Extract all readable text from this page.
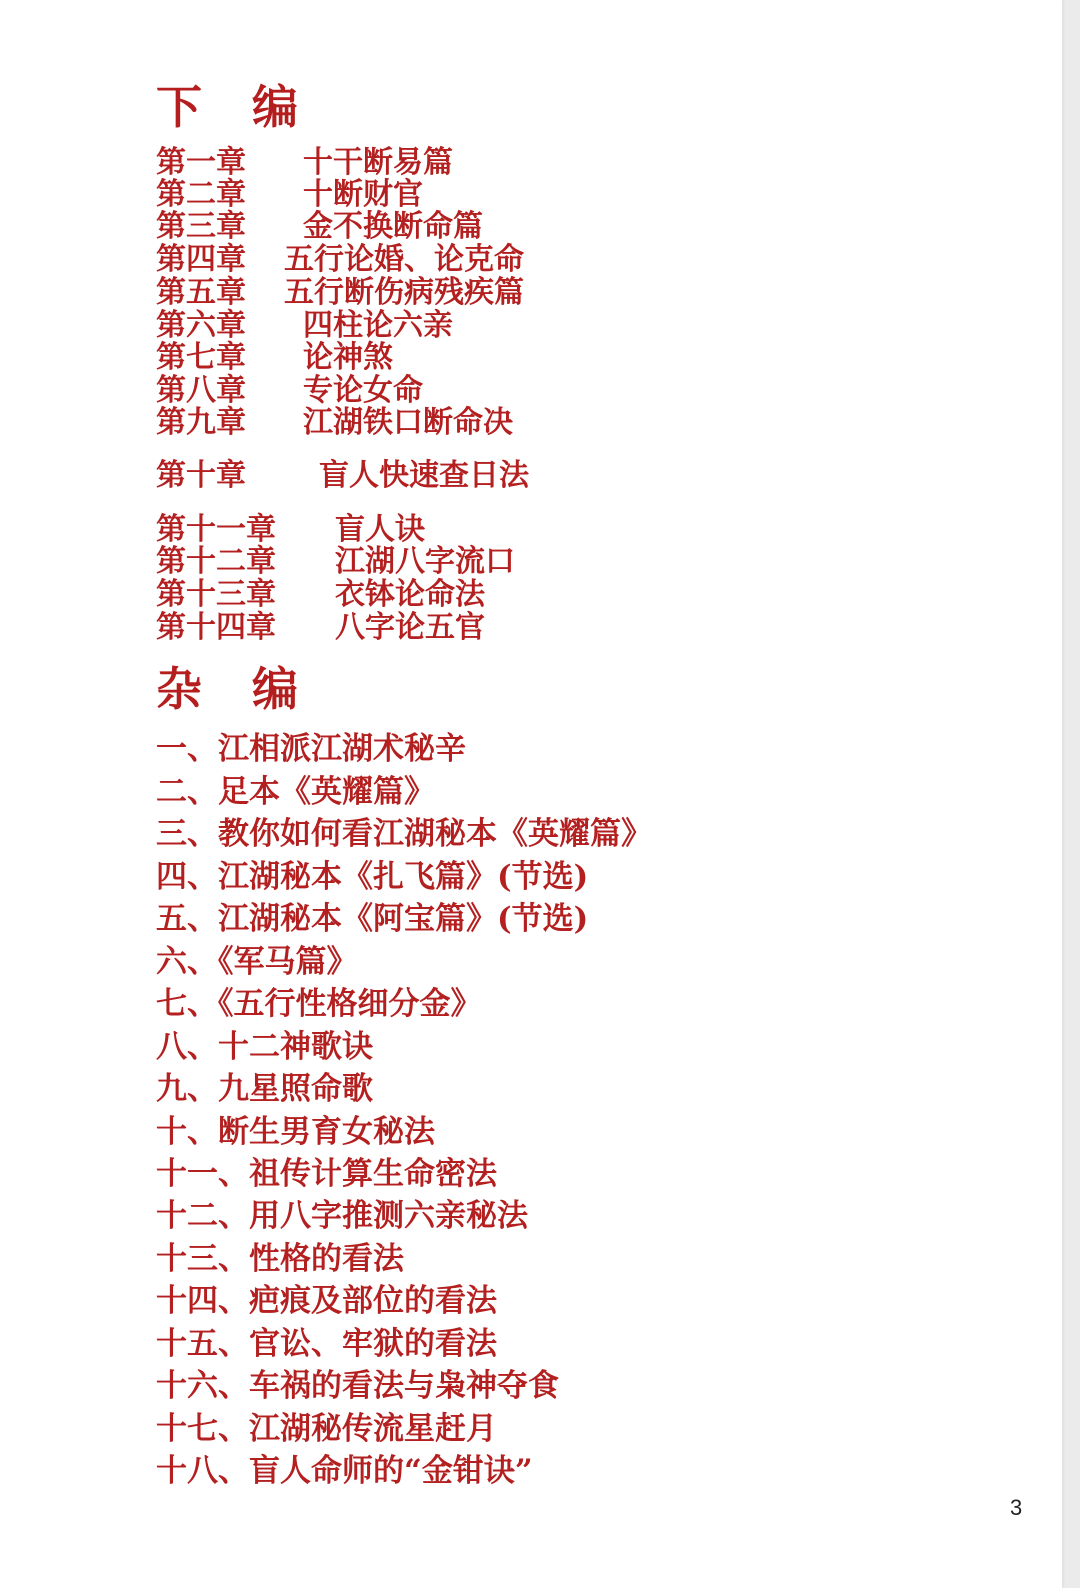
下编
第一章 十干断易篇
第二章 十断财官
第三章 金不换断命篇
第四章 五行论婚、论克命
第五章 五行断伤病残疾篇
第六章 四柱论六亲
第七章 论神煞
第八章 专论女命
第九章 江湖铁口断命决
第十章 盲人快速查日法
第十一章 盲人诀
第十二章 江湖八字流口
第十三章 衣钵论命法
第十四章 八字论五官
杂编
一、江相派江湖术秘辛
二、足本《英耀篇》
三、教你如何看江湖秘本《英耀篇》
四、江湖秘本《扎飞篇》(节选)
五、江湖秘本《阿宝篇》(节选)
六、《军马篇》
七、《五行性格细分金》
八、十二神歌诀
九、九星照命歌
十、断生男育女秘法
十一、祖传计算生命密法
十二、用八字推测六亲秘法
十三、性格的看法
十四、疤痕及部位的看法
十五、官讼、牢狱的看法
十六、车祸的看法与枭神夺食
十七、江湖秘传流星赶月
十八、盲人命师的“金钳诀”
3
